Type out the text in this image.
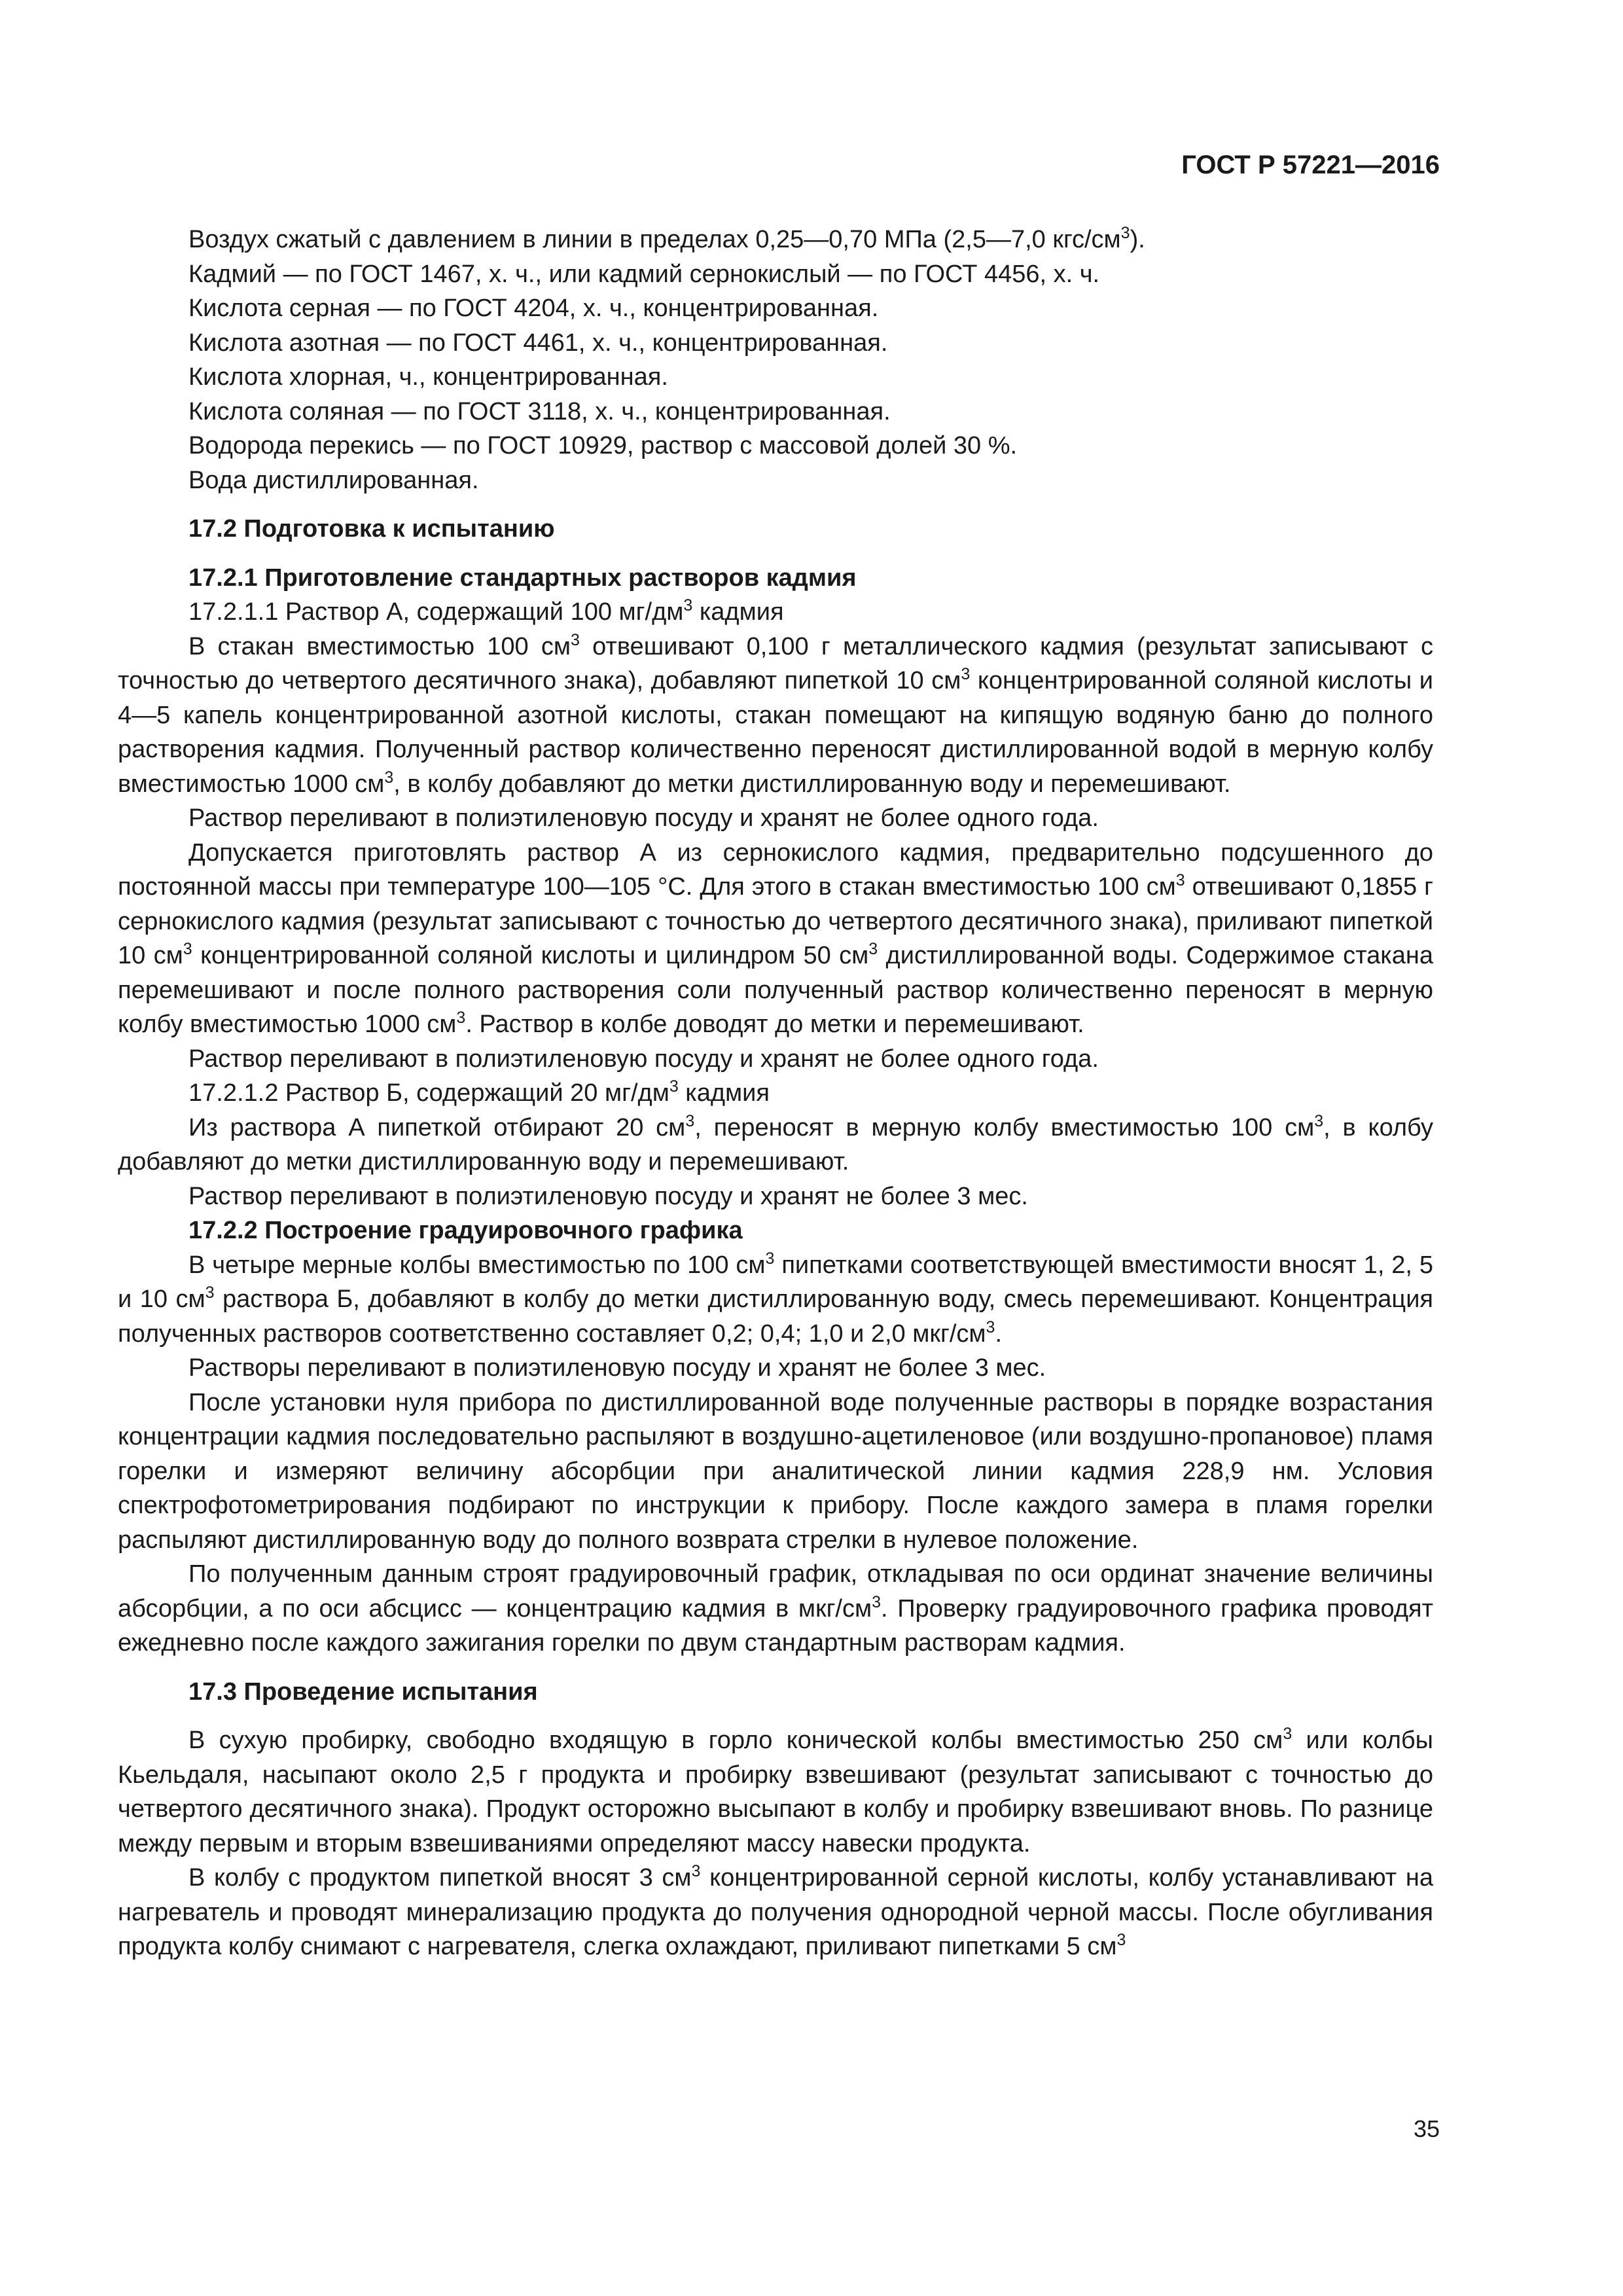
ГОСТ Р 57221—2016

Воздух сжатый с давлением в линии в пределах 0,25—0,70 МПа (2,5—7,0 кгс/$см^3$).

Кадмий — по ГОСТ 1467, х. ч., или кадмий сернокислый — по ГОСТ 4456, х. ч.

Кислота серная — по ГОСТ 4204, х. ч., концентрированная.

Кислота азотная — по ГОСТ 4461, х. ч., концентрированная.

Кислота хлорная, ч., концентрированная.

Кислота соляная — по ГОСТ 3118, х. ч., концентрированная.

Водорода перекись — по ГОСТ 10929, раствор с массовой долей 30 %.

Вода дистиллированная.

17.2 Подготовка к испытанию

17.2.1 Приготовление стандартных растворов кадмия

17.2.1.1 Раствор А, содержащий 100 $мг/дм^3$ кадмия

В стакан вместимостью 100 $см^3$ отвешивают 0,100 г металлического кадмия (результат записывают с точностью до четвертого десятичного знака), добавляют пипеткой 10 $см^3$ концентрированной соляной кислоты и 4—5 капель концентрированной азотной кислоты, стакан помещают на кипящую водяную баню до полного растворения кадмия. Полученный раствор количественно переносят дистиллированной водой в мерную колбу вместимостью 1000 $см^3$, в колбу добавляют до метки дистиллированную воду и перемешивают.

Раствор переливают в полиэтиленовую посуду и хранят не более одного года.

Допускается приготовлять раствор А из сернокислого кадмия, предварительно подсушенного до постоянной массы при температуре 100—105 °С. Для этого в стакан вместимостью 100 $см^3$ отвешивают 0,1855 г сернокислого кадмия (результат записывают с точностью до четвертого десятичного знака), приливают пипеткой 10 $см^3$ концентрированной соляной кислоты и цилиндром 50 $см^3$ дистиллированной воды. Содержимое стакана перемешивают и после полного растворения соли полученный раствор количественно переносят в мерную колбу вместимостью 1000 $см^3$. Раствор в колбе доводят до метки и перемешивают.

Раствор переливают в полиэтиленовую посуду и хранят не более одного года.

17.2.1.2 Раствор Б, содержащий 20 $мг/дм^3$ кадмия

Из раствора А пипеткой отбирают 20 $см^3$, переносят в мерную колбу вместимостью 100 $см^3$, в колбу добавляют до метки дистиллированную воду и перемешивают.

Раствор переливают в полиэтиленовую посуду и хранят не более 3 мес.

17.2.2 Построение градуировочного графика

В четыре мерные колбы вместимостью по 100 $см^3$ пипетками соответствующей вместимости вносят 1, 2, 5 и 10 $см^3$ раствора Б, добавляют в колбу до метки дистиллированную воду, смесь перемешивают. Концентрация полученных растворов соответственно составляет 0,2; 0,4; 1,0 и 2,0 мкг/$см^3$.

Растворы переливают в полиэтиленовую посуду и хранят не более 3 мес.

После установки нуля прибора по дистиллированной воде полученные растворы в порядке возрастания концентрации кадмия последовательно распыляют в воздушно-ацетиленовое (или воздушно-пропановое) пламя горелки и измеряют величину абсорбции при аналитической линии кадмия 228,9 нм. Условия спектрофотометрирования подбирают по инструкции к прибору. После каждого замера в пламя горелки распыляют дистиллированную воду до полного возврата стрелки в нулевое положение.

По полученным данным строят градуировочный график, откладывая по оси ординат значение величины абсорбции, а по оси абсцисс — концентрацию кадмия в мкг/$см^3$. Проверку градуировочного графика проводят ежедневно после каждого зажигания горелки по двум стандартным растворам кадмия.

17.3 Проведение испытания

В сухую пробирку, свободно входящую в горло конической колбы вместимостью 250 $см^3$ или колбы Кьельдаля, насыпают около 2,5 г продукта и пробирку взвешивают (результат записывают с точностью до четвертого десятичного знака). Продукт осторожно высыпают в колбу и пробирку взвешивают вновь. По разнице между первым и вторым взвешиваниями определяют массу навески продукта.

В колбу с продуктом пипеткой вносят 3 $см^3$ концентрированной серной кислоты, колбу устанавливают на нагреватель и проводят минерализацию продукта до получения однородной черной массы. После обугливания продукта колбу снимают с нагревателя, слегка охлаждают, приливают пипетками 5 $см^3$

35
